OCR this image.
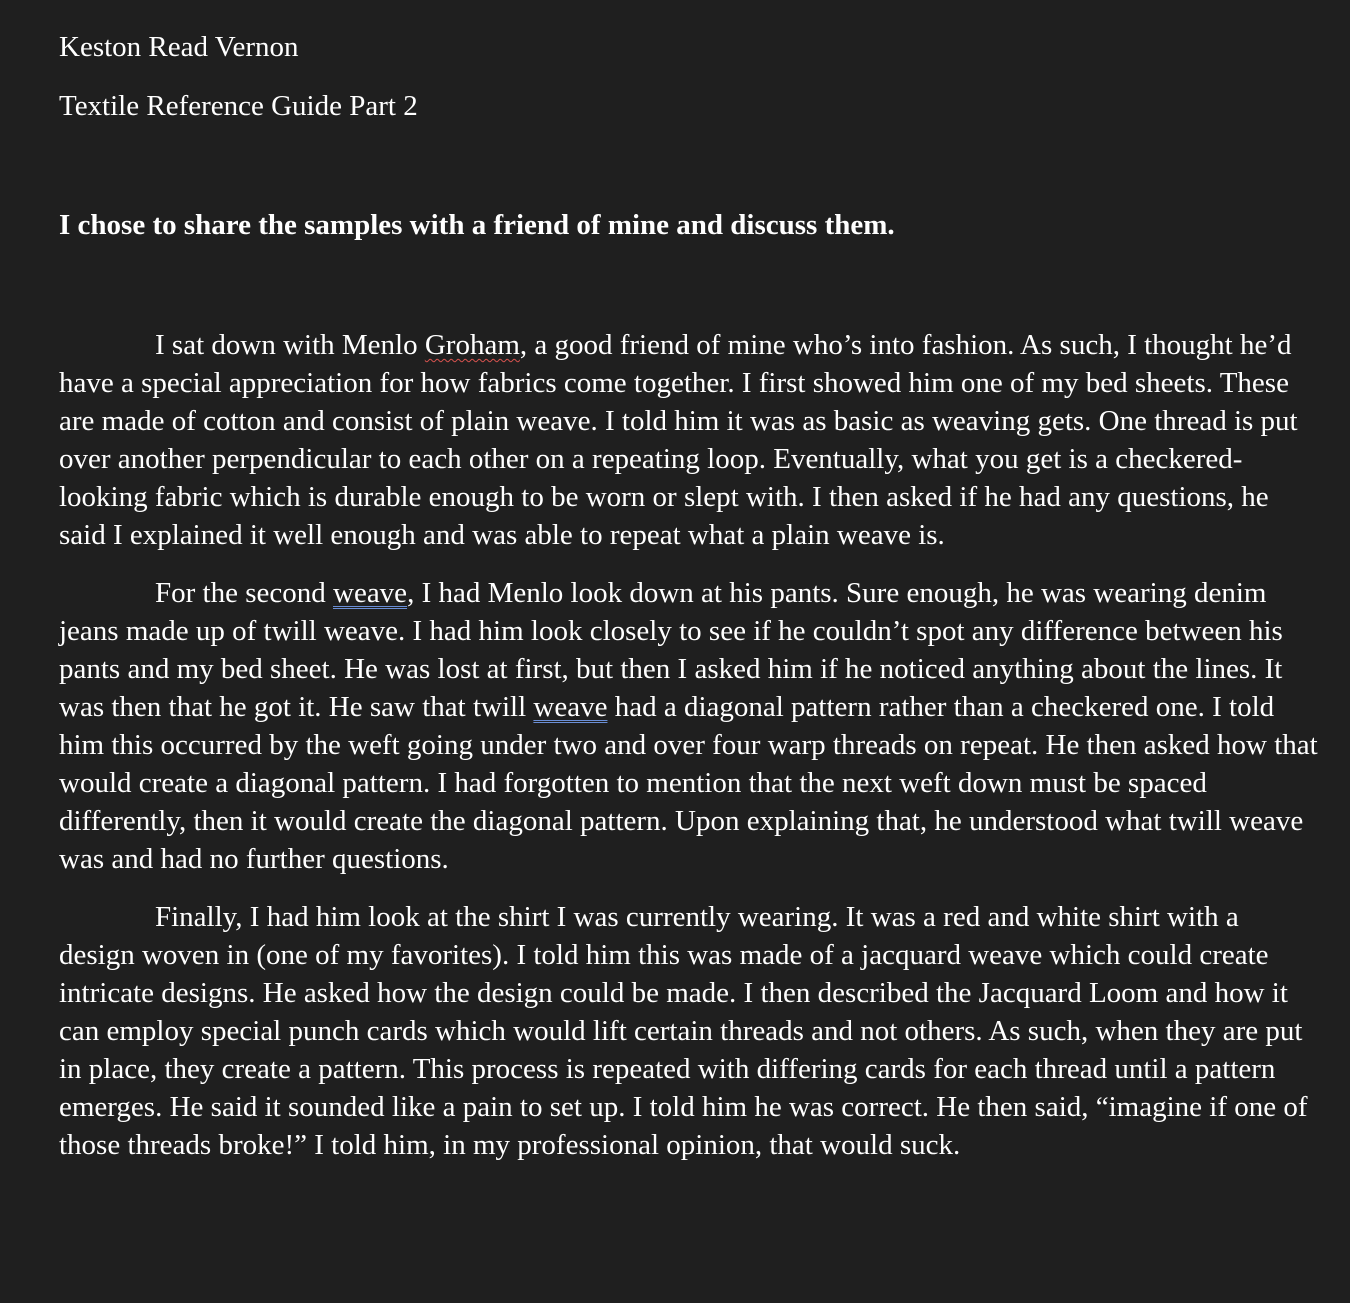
Keston Read Vernon

Textile Reference Guide Part 2

I chose to share the samples with a friend of mine and discuss them.

I sat down with Menlo Groham, a good friend of mine who’s into fashion. As such, I thought he’d have a special appreciation for how fabrics come together. I first showed him one of my bed sheets. These are made of cotton and consist of plain weave. I told him it was as basic as weaving gets. One thread is put over another perpendicular to each other on a repeating loop. Eventually, what you get is a checkered-looking fabric which is durable enough to be worn or slept with. I then asked if he had any questions, he said I explained it well enough and was able to repeat what a plain weave is.

For the second weave, I had Menlo look down at his pants. Sure enough, he was wearing denim jeans made up of twill weave. I had him look closely to see if he couldn’t spot any difference between his pants and my bed sheet. He was lost at first, but then I asked him if he noticed anything about the lines. It was then that he got it. He saw that twill weave had a diagonal pattern rather than a checkered one. I told him this occurred by the weft going under two and over four warp threads on repeat. He then asked how that would create a diagonal pattern. I had forgotten to mention that the next weft down must be spaced differently, then it would create the diagonal pattern. Upon explaining that, he understood what twill weave was and had no further questions.

Finally, I had him look at the shirt I was currently wearing. It was a red and white shirt with a design woven in (one of my favorites). I told him this was made of a jacquard weave which could create intricate designs. He asked how the design could be made. I then described the Jacquard Loom and how it can employ special punch cards which would lift certain threads and not others. As such, when they are put in place, they create a pattern. This process is repeated with differing cards for each thread until a pattern emerges. He said it sounded like a pain to set up. I told him he was correct. He then said, “imagine if one of those threads broke!” I told him, in my professional opinion, that would suck.
